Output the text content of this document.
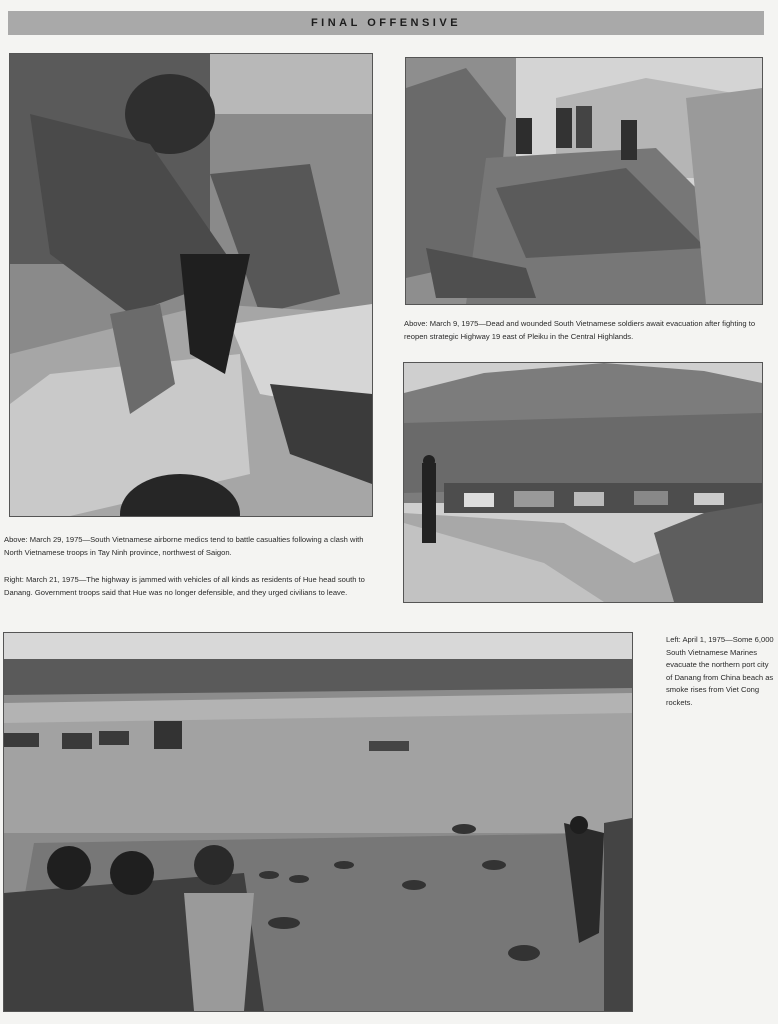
FINAL OFFENSIVE
Above: March 9, 1975—Dead and wounded South Vietnamese soldiers await evacuation after fighting to reopen strategic Highway 19 east of Pleiku in the Central Highlands.
Above: March 29, 1975—South Vietnamese airborne medics tend to battle casualties following a clash with North Vietnamese troops in Tay Ninh province, northwest of Saigon.
Right: March 21, 1975—The highway is jammed with vehicles of all kinds as residents of Hue head south to Danang. Government troops said that Hue was no longer defensible, and they urged civilians to leave.
Left: April 1, 1975—Some 6,000 South Vietnamese Marines evacuate the northern port city of Danang from China beach as smoke rises from Viet Cong rockets.
